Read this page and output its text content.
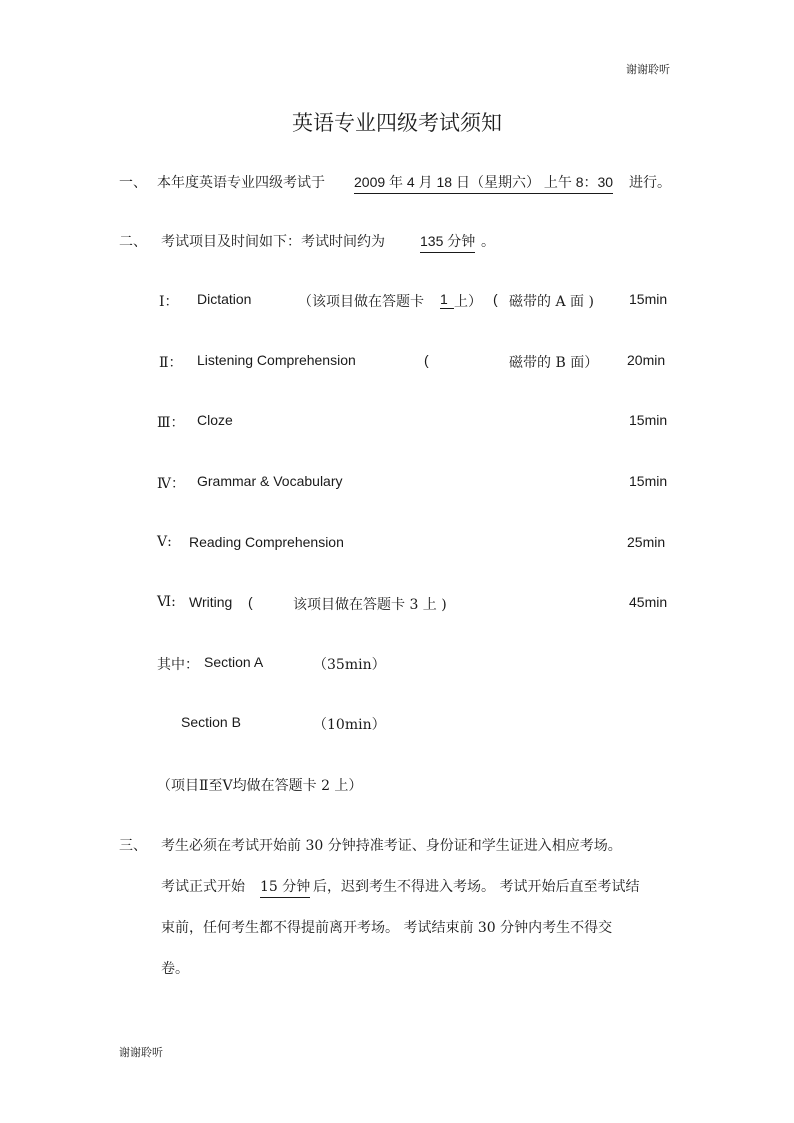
谢谢聆听
谢谢聆听
英语专业四级考试须知
一、 本年度英语专业四级考试于 2009 年 4 月 18 日（星期六） 上午 8：30 进行。
二、 考试项目及时间如下：考试时间约为	135 分钟 。
Ⅰ： Dictation	（该项目做在答题卡 1 上） ( 磁带的 A 面 )	15min
Ⅱ： Listening Comprehension	(	磁带的 B 面） 20min
Ⅲ： Cloze	15min
Ⅳ： Grammar & Vocabulary	15min
Ⅴ: Reading Comprehension	25min
Ⅵ: Writing (	该项目做在答题卡 3 上 )	45min
其中： Section A	（35min）
Section B	（10min）
（项目Ⅱ至Ⅴ均做在答题卡 2 上）
三、 考生必须在考试开始前 30 分钟持准考证、身份证和学生证进入相应考场。
考试正式开始 15 分钟 后，迟到考生不得进入考场。 考试开始后直至考试结
束前，任何考生都不得提前离开考场。 考试结束前 30 分钟内考生不得交
卷。
